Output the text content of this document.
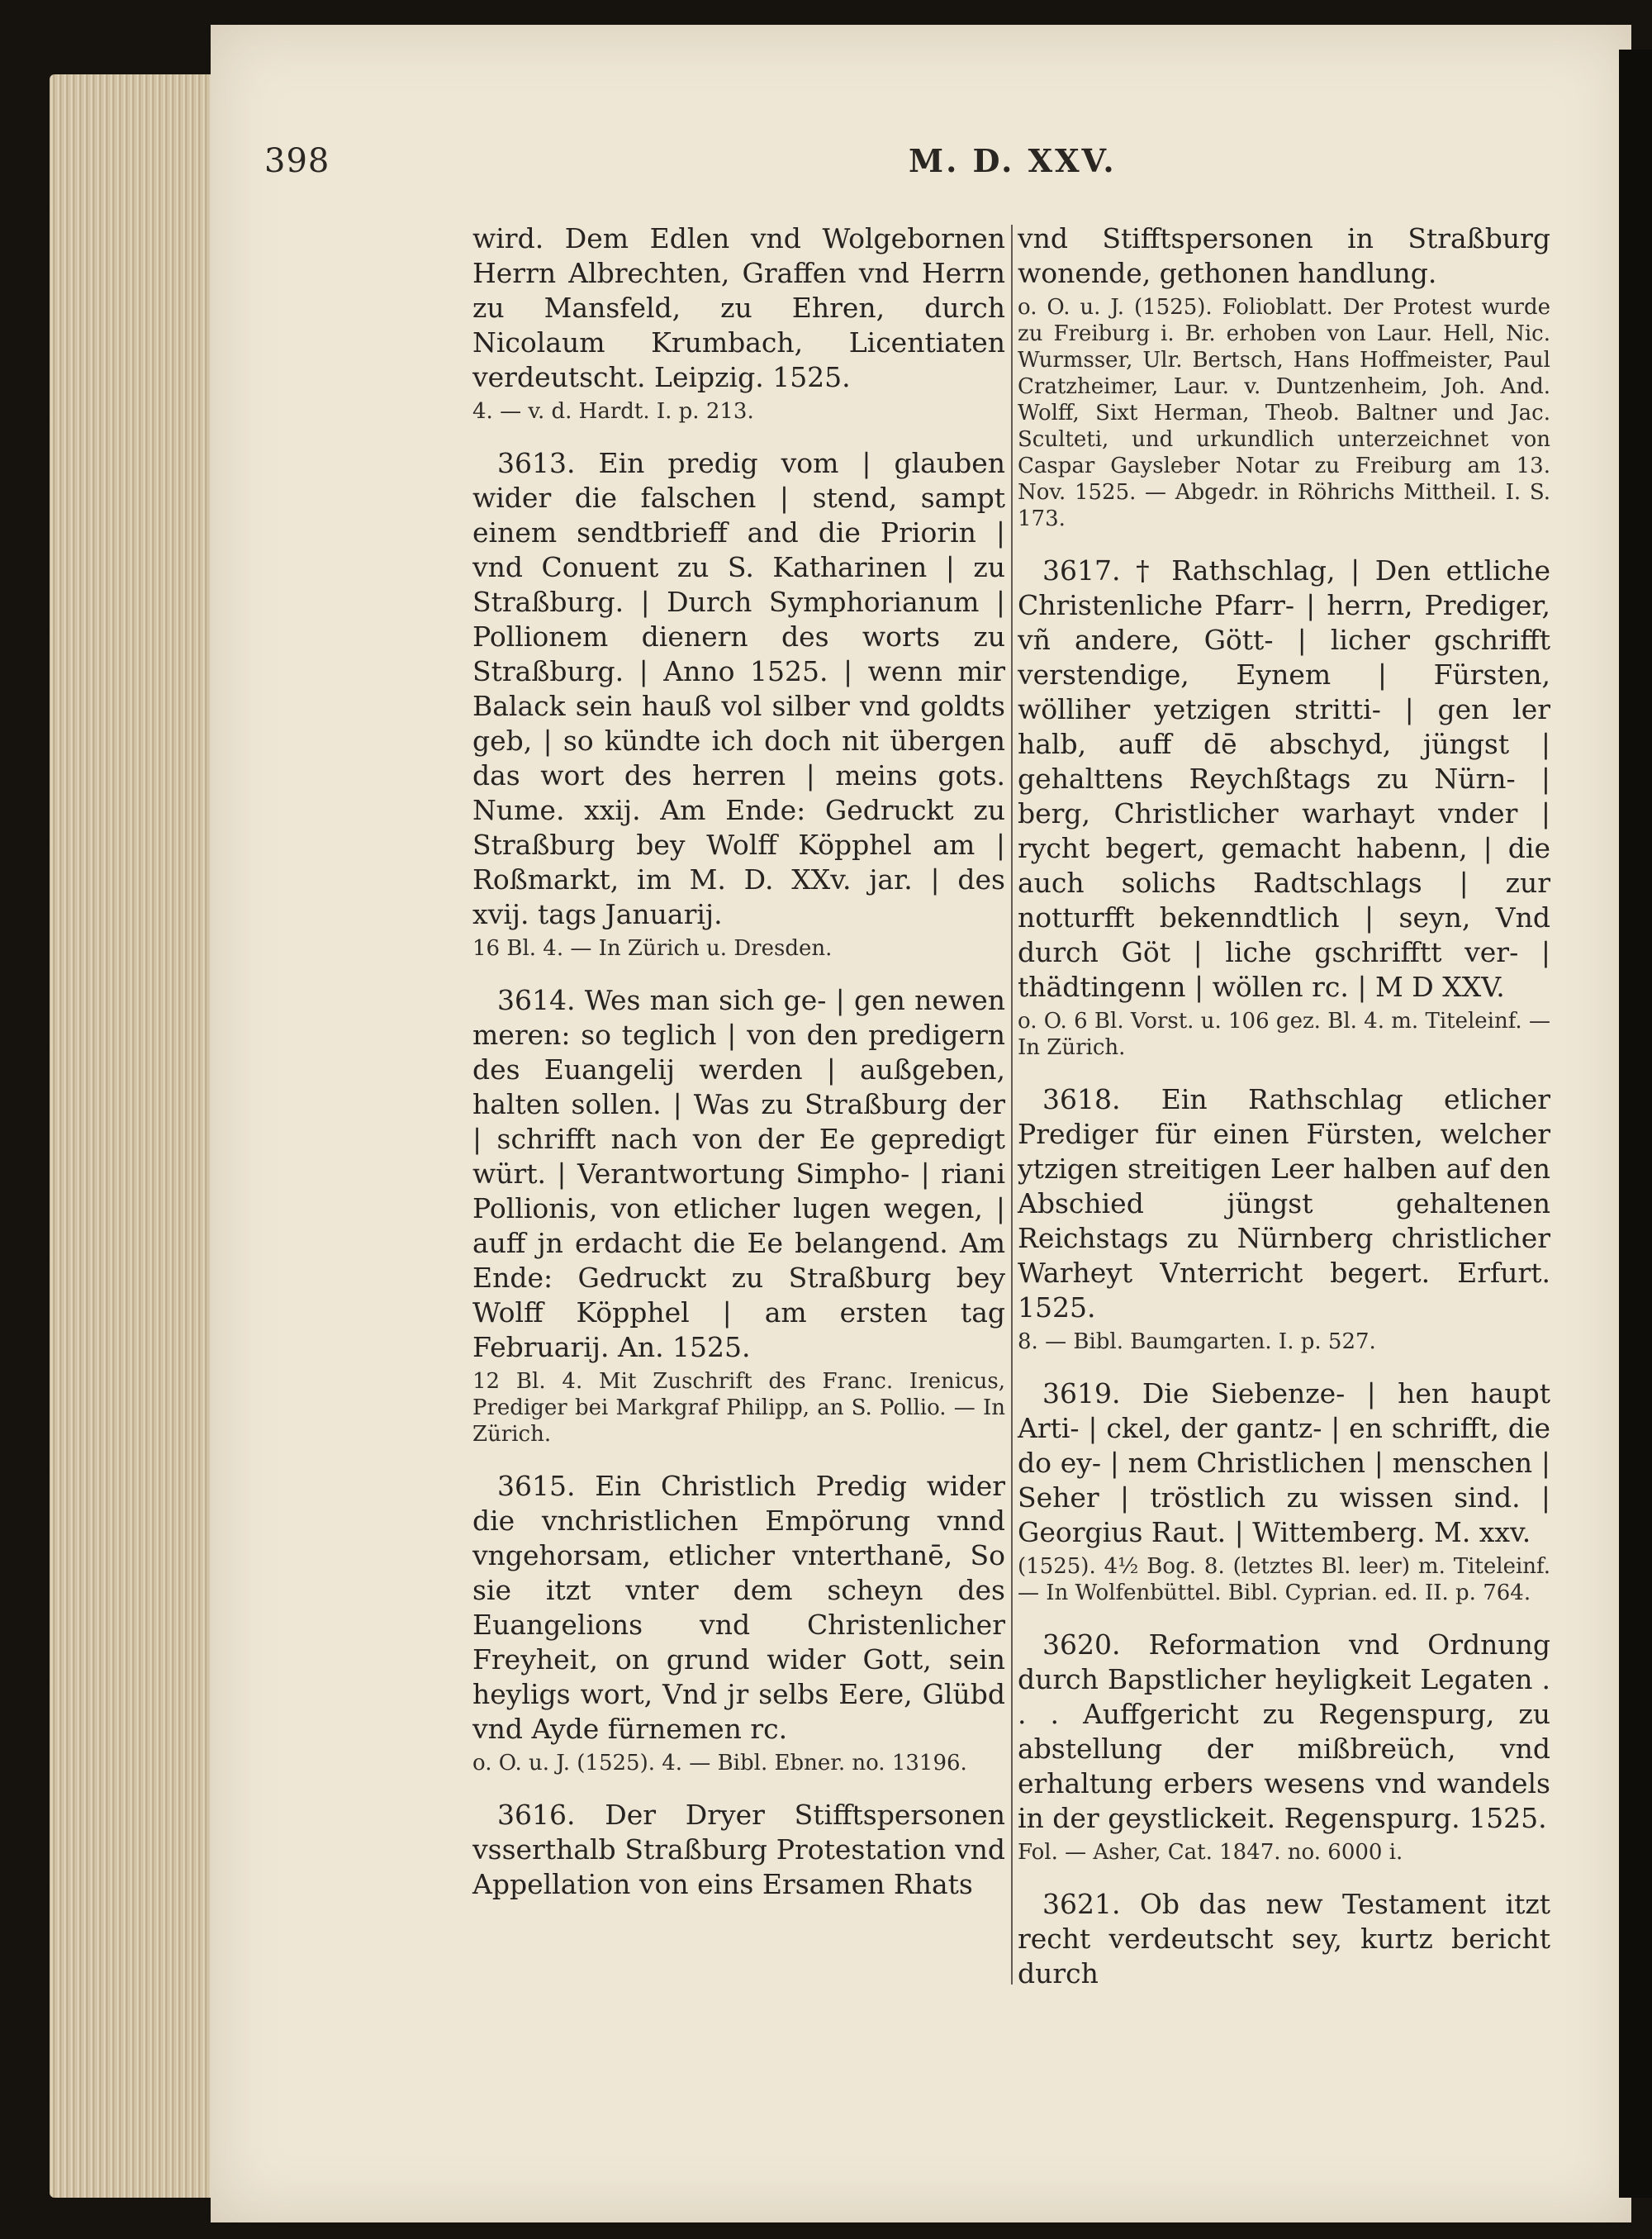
398	M. D. XXV.

wird. Dem Edlen vnd Wolgebornen Herrn Albrechten, Graffen vnd Herrn zu Mansfeld, zu Ehren, durch Nicolaum Krumbach, Licentiaten verdeutscht. Leipzig. 1525.

4. — v. d. Hardt. I. p. 213.

3613. Ein predig vom | glauben wider die falschen | stend, sampt einem sendtbrieff and die Priorin | vnd Conuent zu S. Katharinen | zu Straßburg. | Durch Symphorianum | Pollionem dienern des worts zu Straßburg. | Anno 1525. | wenn mir Balack sein hauß vol silber vnd goldts geb, | so kündte ich doch nit übergen das wort des herren | meins gots. Nume. xxij. Am Ende: Gedruckt zu Straßburg bey Wolff Köpphel am | Roßmarkt, im M. D. XXv. jar. | des xvij. tags Januarij.

16 Bl. 4. — In Zürich u. Dresden.

3614. Wes man sich ge- | gen newen meren: so teglich | von den predigern des Euangelij werden | außgeben, halten sollen. | Was zu Straßburg der | schrifft nach von der Ee gepredigt würt. | Verantwortung Simpho- | riani Pollionis, von etlicher lugen wegen, | auff jn erdacht die Ee belangend. Am Ende: Gedruckt zu Straßburg bey Wolff Köpphel | am ersten tag Februarij. An. 1525.

12 Bl. 4. Mit Zuschrift des Franc. Irenicus, Prediger bei Markgraf Philipp, an S. Pollio. — In Zürich.

3615. Ein Christlich Predig wider die vnchristlichen Empörung vnnd vngehorsam, etlicher vnterthanē, So sie itzt vnter dem scheyn des Euangelions vnd Christenlicher Freyheit, on grund wider Gott, sein heyligs wort, Vnd jr selbs Eere, Glübd vnd Ayde fürnemen rc.

o. O. u. J. (1525). 4. — Bibl. Ebner. no. 13196.

3616. Der Dryer Stifftspersonen vsserthalb Straßburg Protestation vnd Appellation von eins Ersamen Rhats

vnd Stifftspersonen in Straßburg wonende, gethonen handlung.

o. O. u. J. (1525). Folioblatt. Der Protest wurde zu Freiburg i. Br. erhoben von Laur. Hell, Nic. Wurmsser, Ulr. Bertsch, Hans Hoffmeister, Paul Cratzheimer, Laur. v. Duntzenheim, Joh. And. Wolff, Sixt Herman, Theob. Baltner und Jac. Sculteti, und urkundlich unterzeichnet von Caspar Gaysleber Notar zu Freiburg am 13. Nov. 1525. — Abgedr. in Röhrichs Mittheil. I. S. 173.

3617. † Rathschlag, | Den ettliche Christenliche Pfarr- | herrn, Prediger, vñ andere, Gött- | licher gschrifft verstendige, Eynem | Fürsten, wölliher yetzigen stritti- | gen ler halb, auff dē abschyd, jüngst | gehalttens Reychßtags zu Nürn- | berg, Christlicher warhayt vnder | rycht begert, gemacht habenn, | die auch solichs Radtschlags | zur notturfft bekenndtlich | seyn, Vnd durch Göt | liche gschrifftt ver- | thädtingenn | wöllen rc. | M D XXV.

o. O. 6 Bl. Vorst. u. 106 gez. Bl. 4. m. Titeleinf. — In Zürich.

3618. Ein Rathschlag etlicher Prediger für einen Fürsten, welcher ytzigen streitigen Leer halben auf den Abschied jüngst gehaltenen Reichstags zu Nürnberg christlicher Warheyt Vnterricht begert. Erfurt. 1525.

8. — Bibl. Baumgarten. I. p. 527.

3619. Die Siebenze- | hen haupt Arti- | ckel, der gantz- | en schrifft, die do ey- | nem Christlichen | menschen | Seher | tröstlich zu wissen sind. | Georgius Raut. | Wittemberg. M. xxv.

(1525). 4½ Bog. 8. (letztes Bl. leer) m. Titeleinf. — In Wolfenbüttel. Bibl. Cyprian. ed. II. p. 764.

3620. Reformation vnd Ordnung durch Bapstlicher heyligkeit Legaten . . . Auffgericht zu Regenspurg, zu abstellung der mißbreüch, vnd erhaltung erbers wesens vnd wandels in der geystlickeit. Regenspurg. 1525.

Fol. — Asher, Cat. 1847. no. 6000 i.

3621. Ob das new Testament itzt recht verdeutscht sey, kurtz bericht durch
